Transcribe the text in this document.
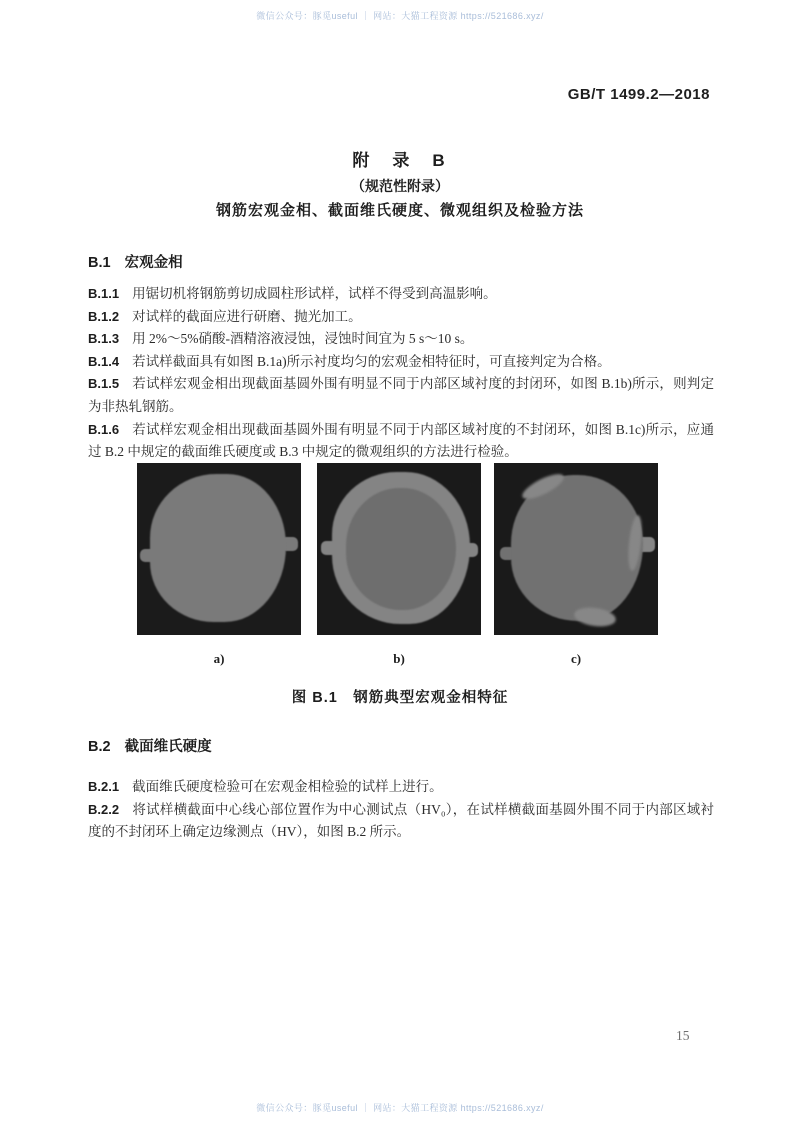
微信公众号：豚觅useful ｜ 网站：大猫工程资源 https://521686.xyz/
GB/T 1499.2—2018
附　录　B
（规范性附录）
钢筋宏观金相、截面维氏硬度、微观组织及检验方法
B.1 宏观金相

B.1.1 用锯切机将钢筋剪切成圆柱形试样，试样不得受到高温影响。

B.1.2 对试样的截面应进行研磨、抛光加工。

B.1.3 用 2%～5%硝酸-酒精溶液浸蚀，浸蚀时间宜为 5 s～10 s。

B.1.4 若试样截面具有如图 B.1a)所示衬度均匀的宏观金相特征时，可直接判定为合格。

B.1.5 若试样宏观金相出现截面基圆外围有明显不同于内部区域衬度的封闭环，如图 B.1b)所示，则判定为非热轧钢筋。

B.1.6 若试样宏观金相出现截面基圆外围有明显不同于内部区域衬度的不封闭环，如图 B.1c)所示，应通过 B.2 中规定的截面维氏硬度或 B.3 中规定的微观组织的方法进行检验。

a)	b)	c)
图 B.1　钢筋典型宏观金相特征
B.2 截面维氏硬度

B.2.1 截面维氏硬度检验可在宏观金相检验的试样上进行。

B.2.2 将试样横截面中心线心部位置作为中心测试点（HV₀），在试样横截面基圆外围不同于内部区域衬度的不封闭环上确定边缘测点（HV），如图 B.2 所示。

15
微信公众号：豚觅useful ｜ 网站：大猫工程资源 https://521686.xyz/
